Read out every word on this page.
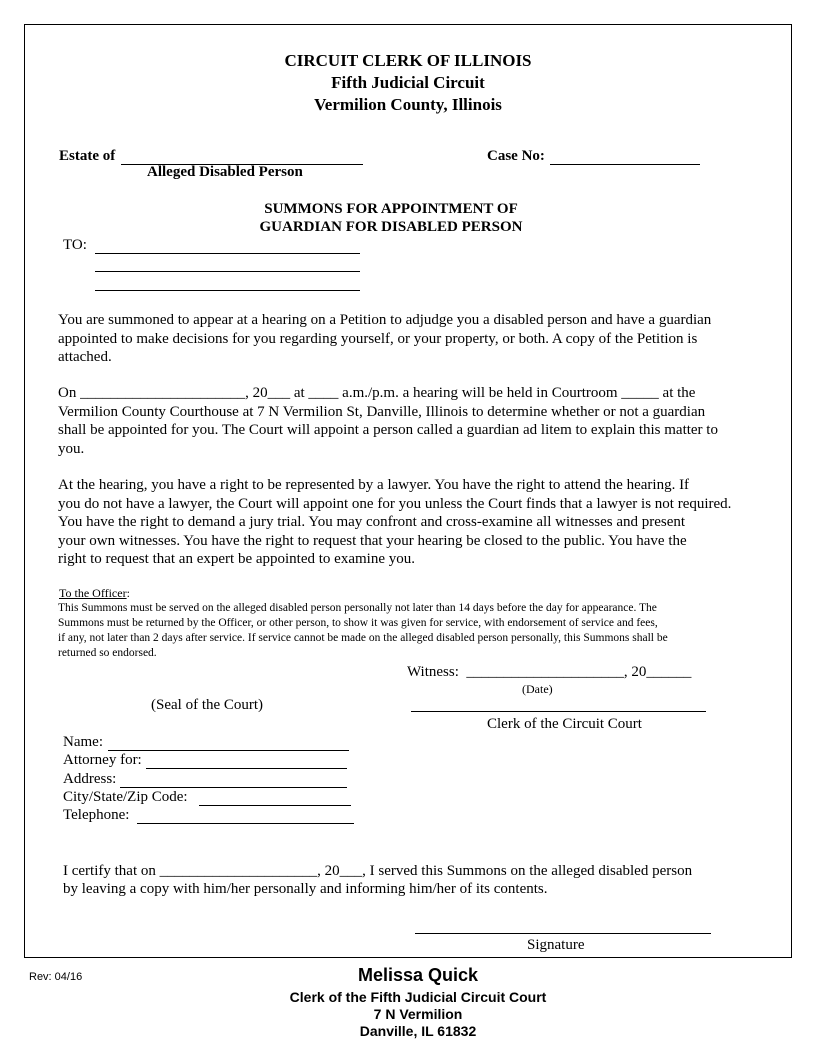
CIRCUIT CLERK OF ILLINOIS
Fifth Judicial Circuit
Vermilion County, Illinois
Estate of
Alleged Disabled Person
Case No:
SUMMONS FOR APPOINTMENT OF
GUARDIAN FOR DISABLED PERSON
TO:
You are summoned to appear at a hearing on a Petition to adjudge you a disabled person and have a guardian
appointed to make decisions for you regarding yourself, or your property, or both. A copy of the Petition is
attached.
On ______________________, 20___ at ____ a.m./p.m. a hearing will be held in Courtroom _____ at the
Vermilion County Courthouse at 7 N Vermilion St, Danville, Illinois to determine whether or not a guardian
shall be appointed for you. The Court will appoint a person called a guardian ad litem to explain this matter to
you.
At the hearing, you have a right to be represented by a lawyer. You have the right to attend the hearing. If
you do not have a lawyer, the Court will appoint one for you unless the Court finds that a lawyer is not required.
You have the right to demand a jury trial. You may confront and cross-examine all witnesses and present
your own witnesses. You have the right to request that your hearing be closed to the public. You have the
right to request that an expert be appointed to examine you.
To the Officer:
This Summons must be served on the alleged disabled person personally not later than 14 days before the day for appearance. The
Summons must be returned by the Officer, or other person, to show it was given for service, with endorsement of service and fees,
if any, not later than 2 days after service. If service cannot be made on the alleged disabled person personally, this Summons shall be
returned so endorsed.
Witness: _____________________, 20______
(Date)
(Seal of the Court)
Clerk of the Circuit Court
Name:
Attorney for:
Address:
City/State/Zip Code:
Telephone:
I certify that on _____________________, 20___, I served this Summons on the alleged disabled person
by leaving a copy with him/her personally and informing him/her of its contents.
Signature
Rev: 04/16	Melissa Quick
Clerk of the Fifth Judicial Circuit Court
7 N Vermilion
Danville, IL 61832
